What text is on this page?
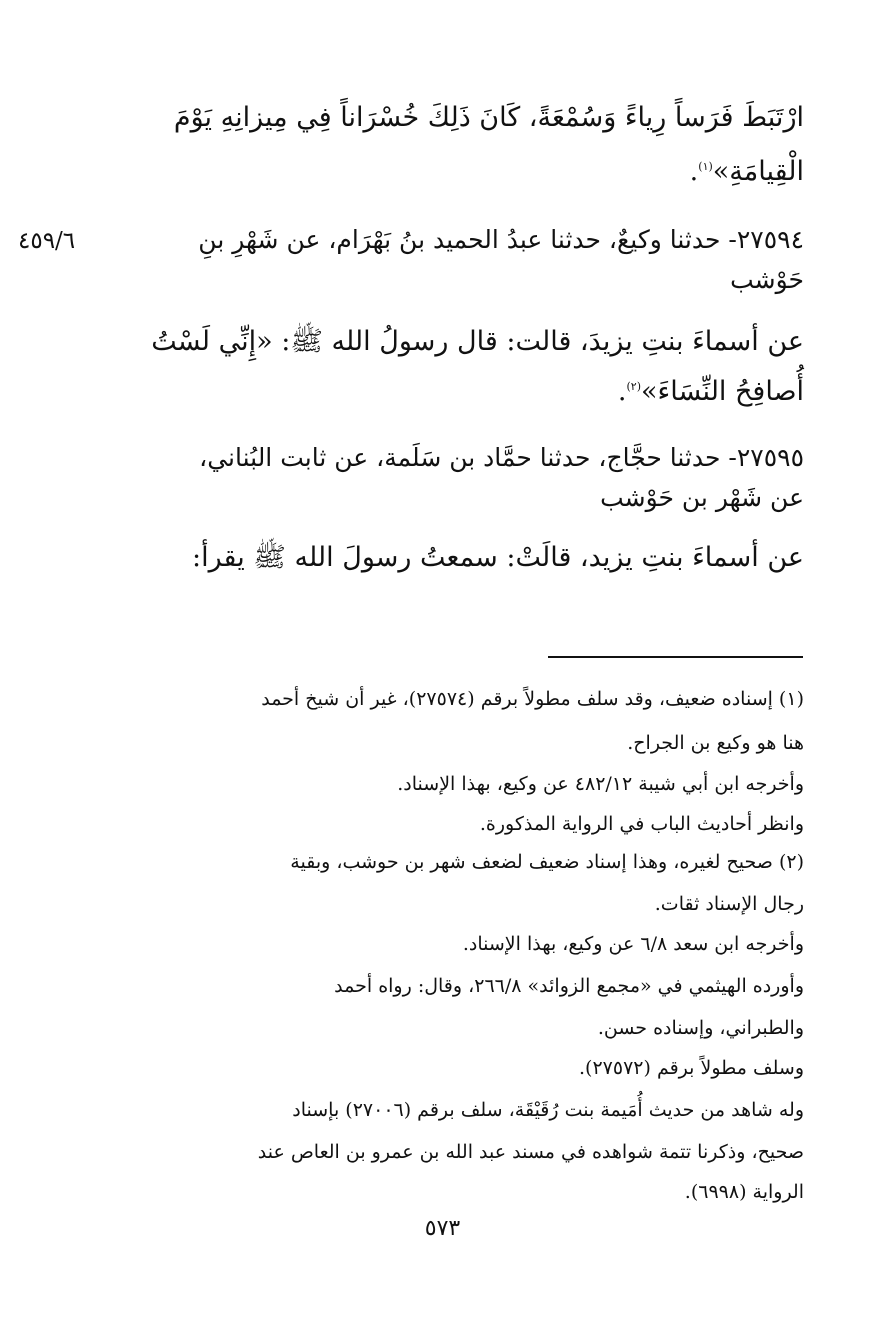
ارْتَبَطَ فَرَساً رِياءً وَسُمْعَةً، كَانَ ذَلِكَ خُسْرَاناً فِي مِيزانِهِ يَوْمَ
الْقِيامَةِ»$^{(١)}$.
٢٧٥٩٤- حدثنا وكيعٌ، حدثنا عبدُ الحميد بنُ بَهْرَام، عن شَهْرِ بنِ
حَوْشب
عن أسماءَ بنتِ يزيدَ، قالت: قال رسولُ الله ﷺ: «إِنِّي لَسْتُ
أُصافِحُ النِّسَاءَ»$^{(٢)}$.
٢٧٥٩٥- حدثنا حجَّاج، حدثنا حمَّاد بن سَلَمة، عن ثابت البُناني،
عن شَهْر بن حَوْشب
عن أسماءَ بنتِ يزيد، قالَتْ: سمعتُ رسولَ الله ﷺ يقرأ:
٤٥٩/٦
(١) إسناده ضعيف، وقد سلف مطولاً برقم (٢٧٥٧٤)، غير أن شيخ أحمد
هنا هو وكيع بن الجراح.
وأخرجه ابن أبي شيبة ٤٨٢/١٢ عن وكيع، بهذا الإسناد.
وانظر أحاديث الباب في الرواية المذكورة.
(٢) صحيح لغيره، وهذا إسناد ضعيف لضعف شهر بن حوشب، وبقية
رجال الإسناد ثقات.
وأخرجه ابن سعد ٦/٨ عن وكيع، بهذا الإسناد.
وأورده الهيثمي في «مجمع الزوائد» ٢٦٦/٨، وقال: رواه أحمد
والطبراني، وإسناده حسن.
وسلف مطولاً برقم (٢٧٥٧٢).
وله شاهد من حديث أُمَيمة بنت رُقَيْقَة، سلف برقم (٢٧٠٠٦) بإسناد
صحيح، وذكرنا تتمة شواهده في مسند عبد الله بن عمرو بن العاص عند
الرواية (٦٩٩٨).
٥٧٣
